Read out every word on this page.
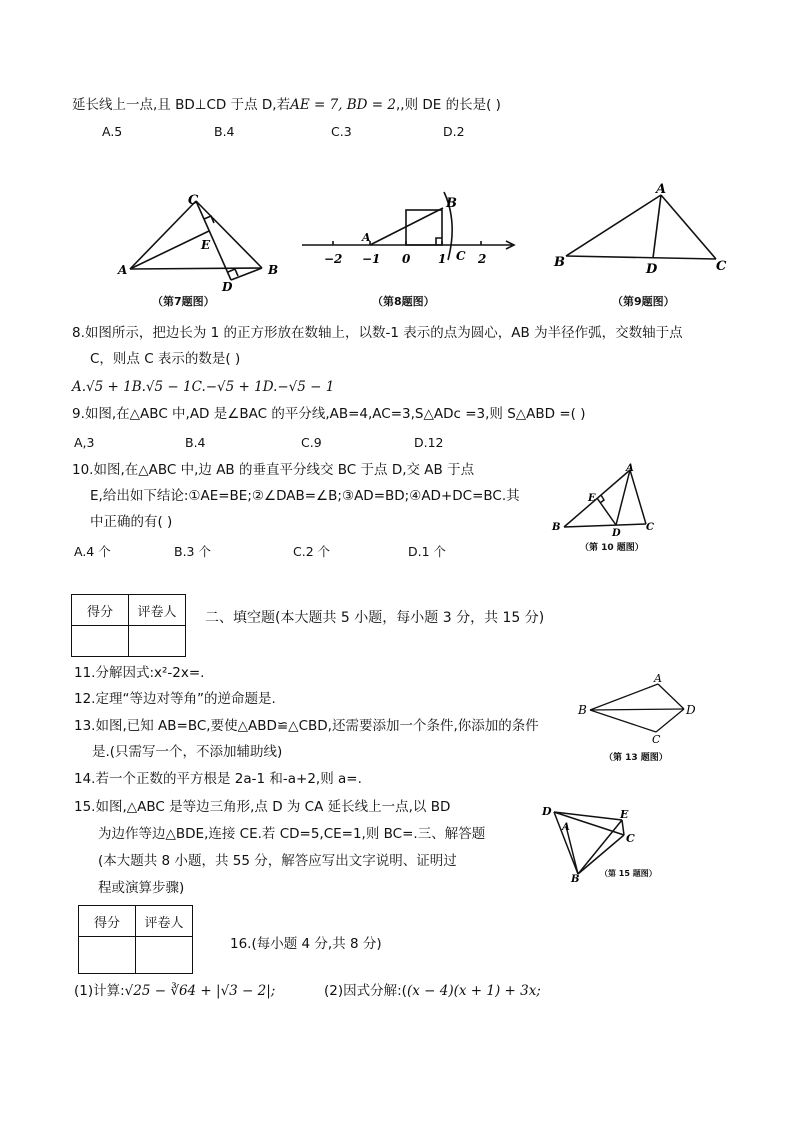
延长线上一点,且 BD⊥CD 于点 D,若AE = 7, BD = 2,,则 DE 的长是( )
A.5	B.4	C.3	D.2
C
E
A
D
B
（第7题图）
B
A
−2 −1 0 1 C 2
（第8题图）
A
B	D	C
（第9题图）
8.如图所示，把边长为 1 的正方形放在数轴上，以数-1 表示的点为圆心，AB 为半径作弧，交数轴于点
C，则点 C 表示的数是( )
A.√5 + 1B.√5 − 1C.−√5 + 1D.−√5 − 1
9.如图,在△ABC 中,AD 是∠BAC 的平分线,AB=4,AC=3,S△ADc =3,则 S△ABD =( )
A,3	B.4	C.9	D.12
10.如图,在△ABC 中,边 AB 的垂直平分线交 BC 于点 D,交 AB 于点
E,给出如下结论:①AE=BE;②∠DAB=∠B;③AD=BD;④AD+DC=BC.其
中正确的有( )
A.4 个	B.3 个	C.2 个	D.1 个
A
E
B
D
C
（第 10 题图）
得分	评卷人
	二、填空题(本大题共 5 小题，每小题 3 分，共 15 分)
11.分解因式:x²-2x=.
12.定理“等边对等角”的逆命题是.
13.如图,已知 AB=BC,要使△ABD≌△CBD,还需要添加一个条件,你添加的条件
是.(只需写一个，不添加辅助线)
14.若一个正数的平方根是 2a-1 和-a+2,则 a=.
A
B	D
C
（第 13 题图）
15.如图,△ABC 是等边三角形,点 D 为 CA 延长线上一点,以 BD
为边作等边△BDE,连接 CE.若 CD=5,CE=1,则 BC=.三、解答题
(本大题共 8 小题，共 55 分，解答应写出文字说明、证明过
程或演算步骤)
D
A
E
C
B
（第 15 题图）
得分	评卷人

16.(每小题 4 分,共 8 分)
(1)计算:√25 − ∛64 + |√3 − 2|;	(2)因式分解:((x − 4)(x + 1) + 3x;
